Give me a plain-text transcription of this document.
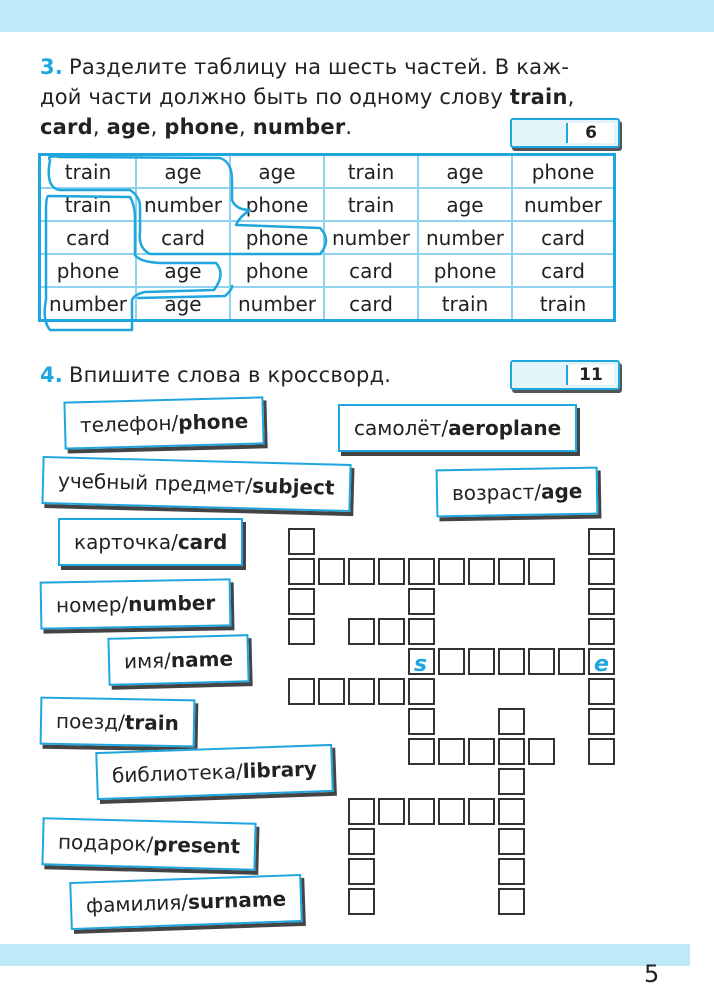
3. Разделите таблицу на шесть частей. В каж-
дой части должно быть по одному слову train,
card, age, phone, number.	6
train	age	age	train	age	phone
train	number	phone	train	age	number
card	card	phone	number	number	card
phone	age	phone	card	phone	card
number	age	number	card	train	train
4. Впишите слова в кроссворд.	11
телефон/phone	самолёт/aeroplane
учебный предмет/subject	возраст/age
карточка/card
номер/number
имя/name
поезд/train
библиотека/library
подарок/present
фамилия/surname
s	e
5
